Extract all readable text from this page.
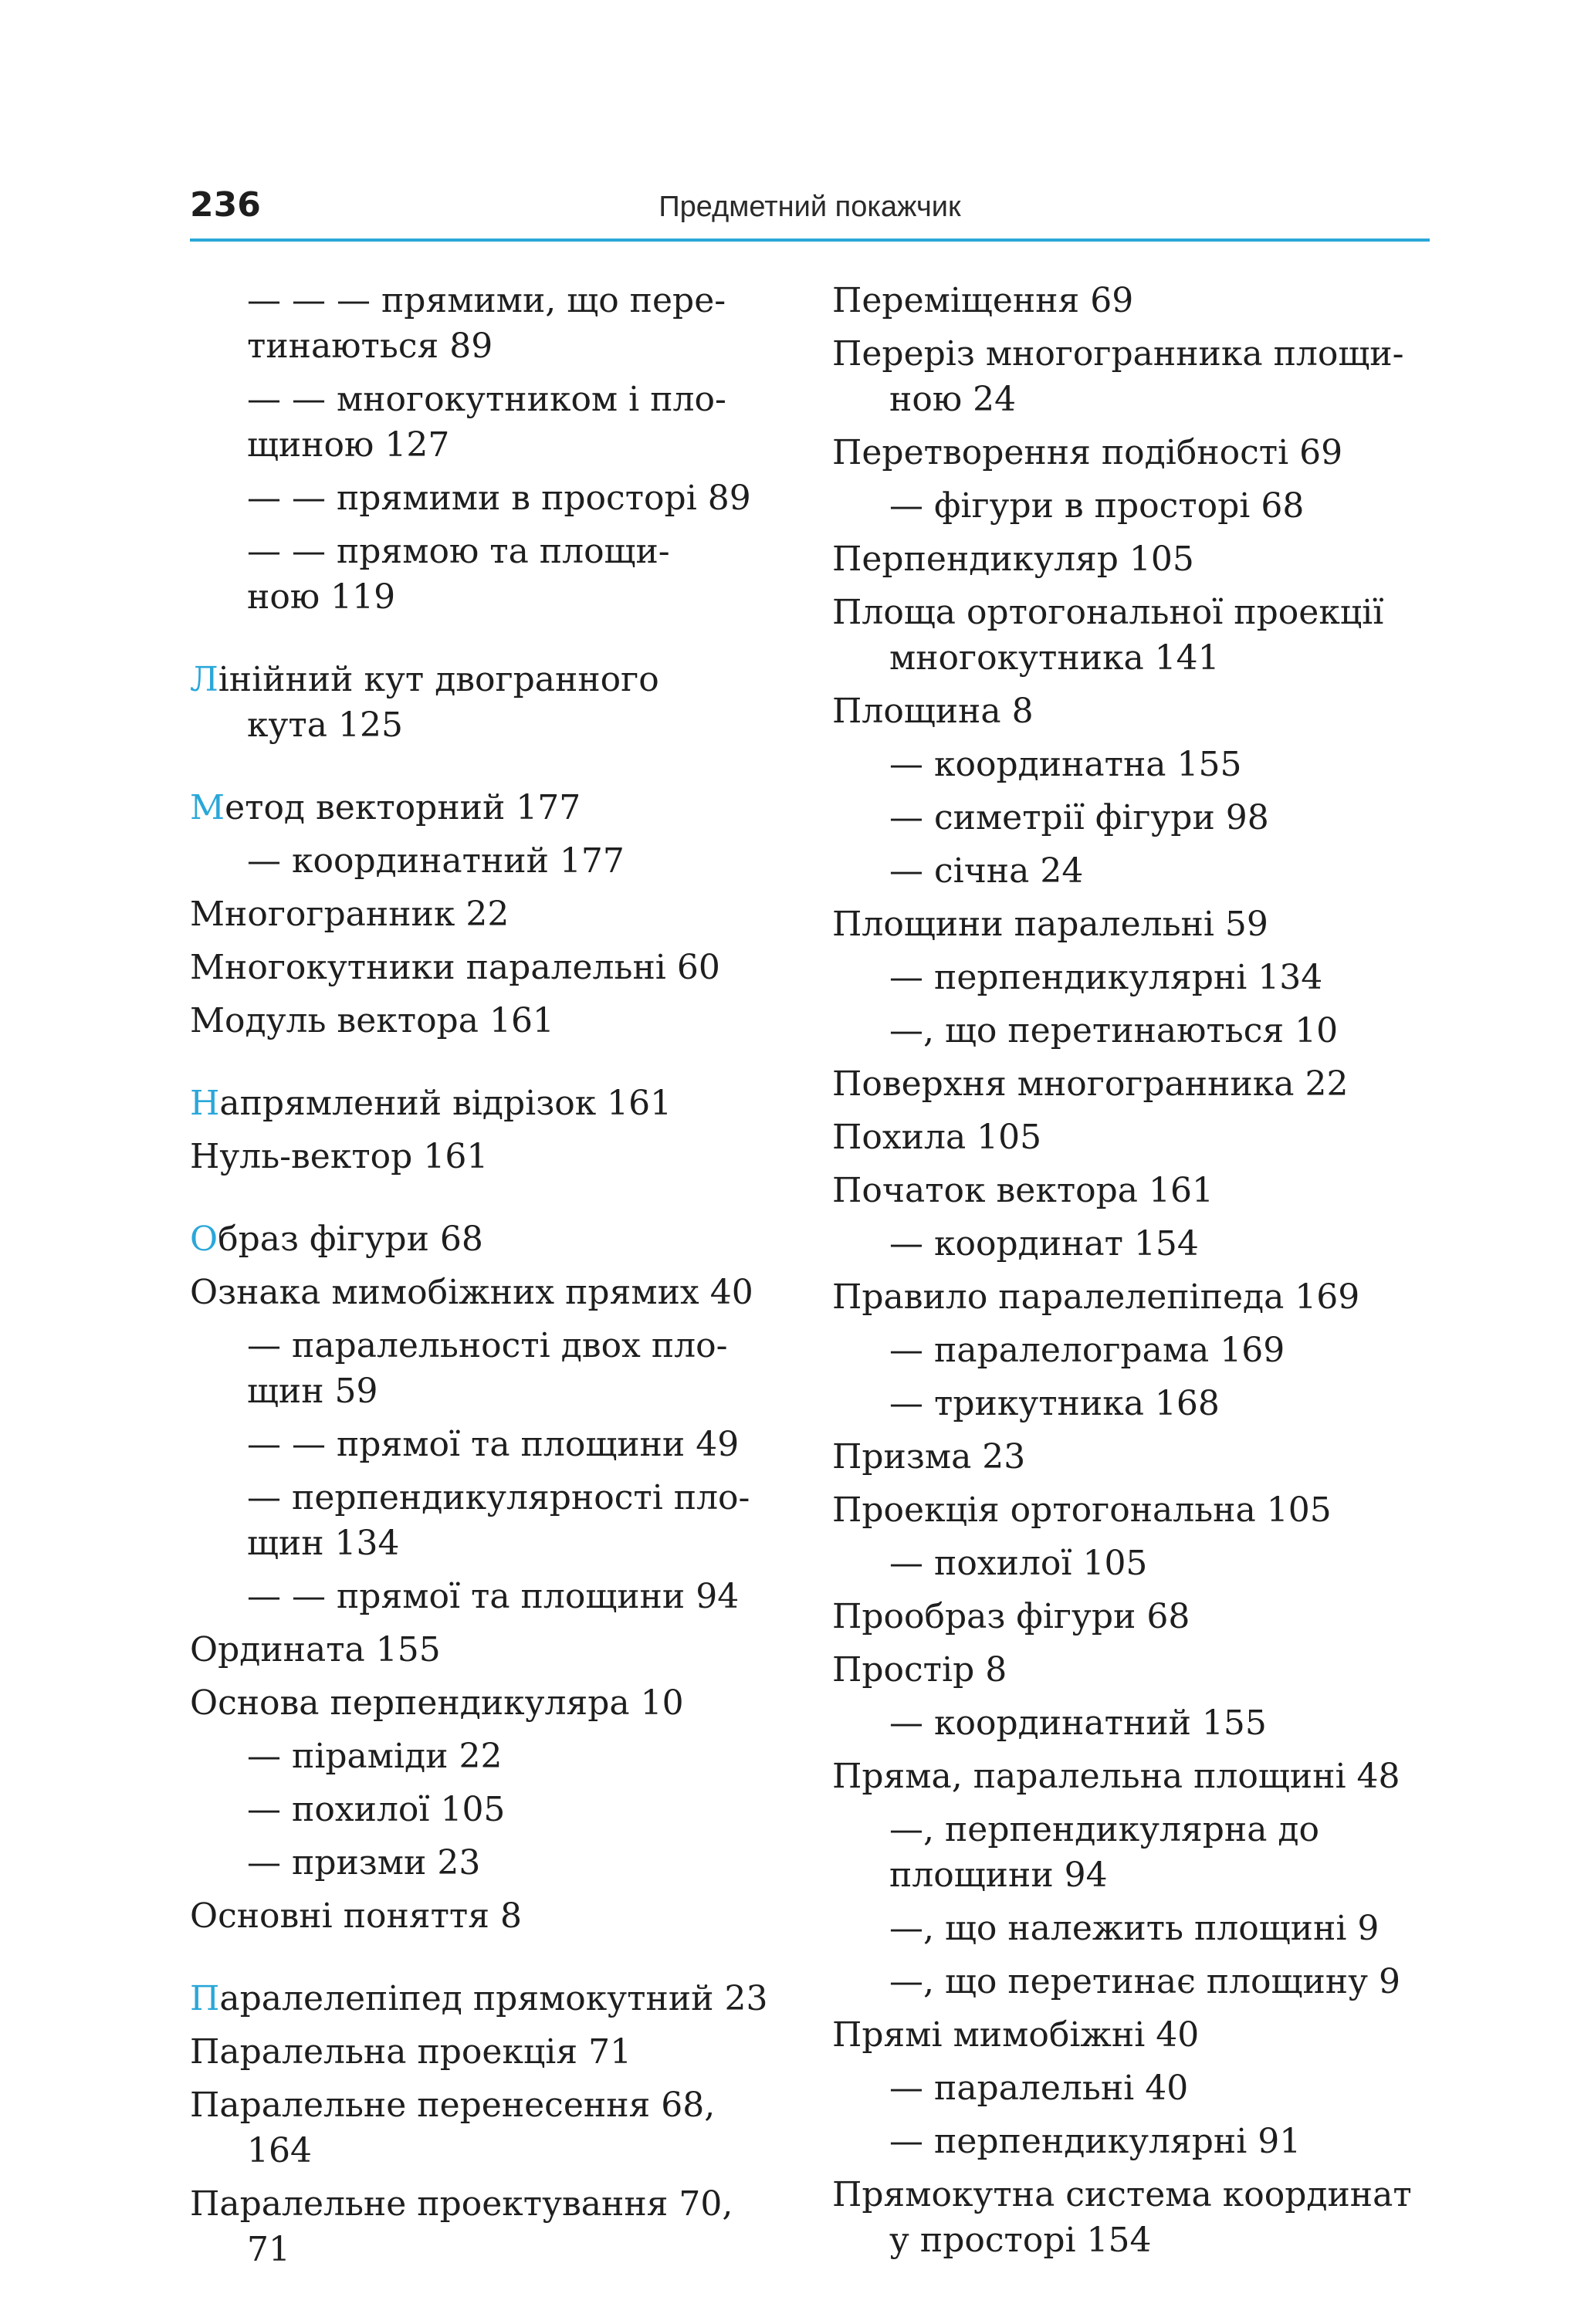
236	Предметний покажчик
— — — прямими, що пере-
тинаються 89
— — многокутником і пло-
щиною 127
— — прямими в просторі 89
— — прямою та площи-
ною 119
Лінійний кут двогранного
кута 125
Метод векторний 177
— координатний 177
Многогранник 22
Многокутники паралельні 60
Модуль вектора 161
Напрямлений відрізок 161
Нуль-вектор 161
Образ фігури 68
Ознака мимобіжних прямих 40
— паралельності двох пло-
щин 59
— — прямої та площини 49
— перпендикулярності пло-
щин 134
— — прямої та площини 94
Ордината 155
Основа перпендикуляра 10
— піраміди 22
— похилої 105
— призми 23
Основні поняття 8
Паралелепіпед прямокутний 23
Паралельна проекція 71
Паралельне перенесення 68,
164
Паралельне проектування 70,
71
Переміщення 69
Переріз многогранника площи-
ною 24
Перетворення подібності 69
— фігури в просторі 68
Перпендикуляр 105
Площа ортогональної проекції
многокутника 141
Площина 8
— координатна 155
— симетрії фігури 98
— січна 24
Площини паралельні 59
— перпендикулярні 134
—, що перетинаються 10
Поверхня многогранника 22
Похила 105
Початок вектора 161
— координат 154
Правило паралелепіпеда 169
— паралелограма 169
— трикутника 168
Призма 23
Проекція ортогональна 105
— похилої 105
Прообраз фігури 68
Простір 8
— координатний 155
Пряма, паралельна площині 48
—, перпендикулярна до
площини 94
—, що належить площині 9
—, що перетинає площину 9
Прямі мимобіжні 40
— паралельні 40
— перпендикулярні 91
Прямокутна система координат
у просторі 154
